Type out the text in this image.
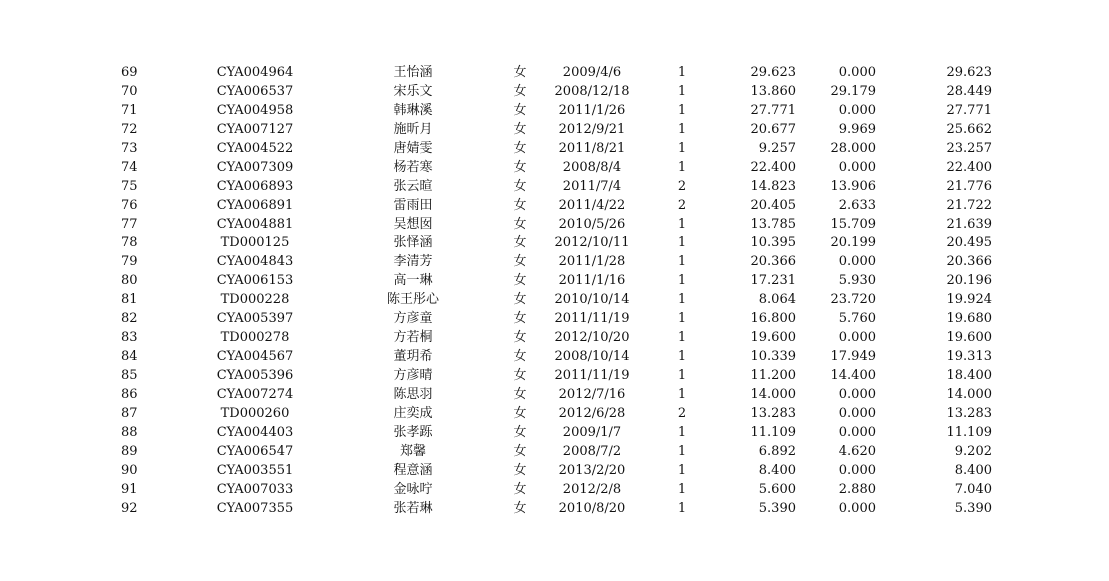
69	CYA004964	王怡涵	女	2009/4/6	1	29.623	0.000	29.623
70	CYA006537	宋乐文	女	2008/12/18	1	13.860	29.179	28.449
71	CYA004958	韩琳溪	女	2011/1/26	1	27.771	0.000	27.771
72	CYA007127	施昕月	女	2012/9/21	1	20.677	9.969	25.662
73	CYA004522	唐婧雯	女	2011/8/21	1	9.257	28.000	23.257
74	CYA007309	杨若寒	女	2008/8/4	1	22.400	0.000	22.400
75	CYA006893	张云暄	女	2011/7/4	2	14.823	13.906	21.776
76	CYA006891	雷雨田	女	2011/4/22	2	20.405	2.633	21.722
77	CYA004881	吴想囡	女	2010/5/26	1	13.785	15.709	21.639
78	TD000125	张怿涵	女	2012/10/11	1	10.395	20.199	20.495
79	CYA004843	李清芳	女	2011/1/28	1	20.366	0.000	20.366
80	CYA006153	高一琳	女	2011/1/16	1	17.231	5.930	20.196
81	TD000228	陈王彤心	女	2010/10/14	1	8.064	23.720	19.924
82	CYA005397	方彦童	女	2011/11/19	1	16.800	5.760	19.680
83	TD000278	方若桐	女	2012/10/20	1	19.600	0.000	19.600
84	CYA004567	董玥希	女	2008/10/14	1	10.339	17.949	19.313
85	CYA005396	方彦晴	女	2011/11/19	1	11.200	14.400	18.400
86	CYA007274	陈思羽	女	2012/7/16	1	14.000	0.000	14.000
87	TD000260	庄奕成	女	2012/6/28	2	13.283	0.000	13.283
88	CYA004403	张孝跞	女	2009/1/7	1	11.109	0.000	11.109
89	CYA006547	郑馨	女	2008/7/2	1	6.892	4.620	9.202
90	CYA003551	程意涵	女	2013/2/20	1	8.400	0.000	8.400
91	CYA007033	金咏咛	女	2012/2/8	1	5.600	2.880	7.040
92	CYA007355	张若琳	女	2010/8/20	1	5.390	0.000	5.390
